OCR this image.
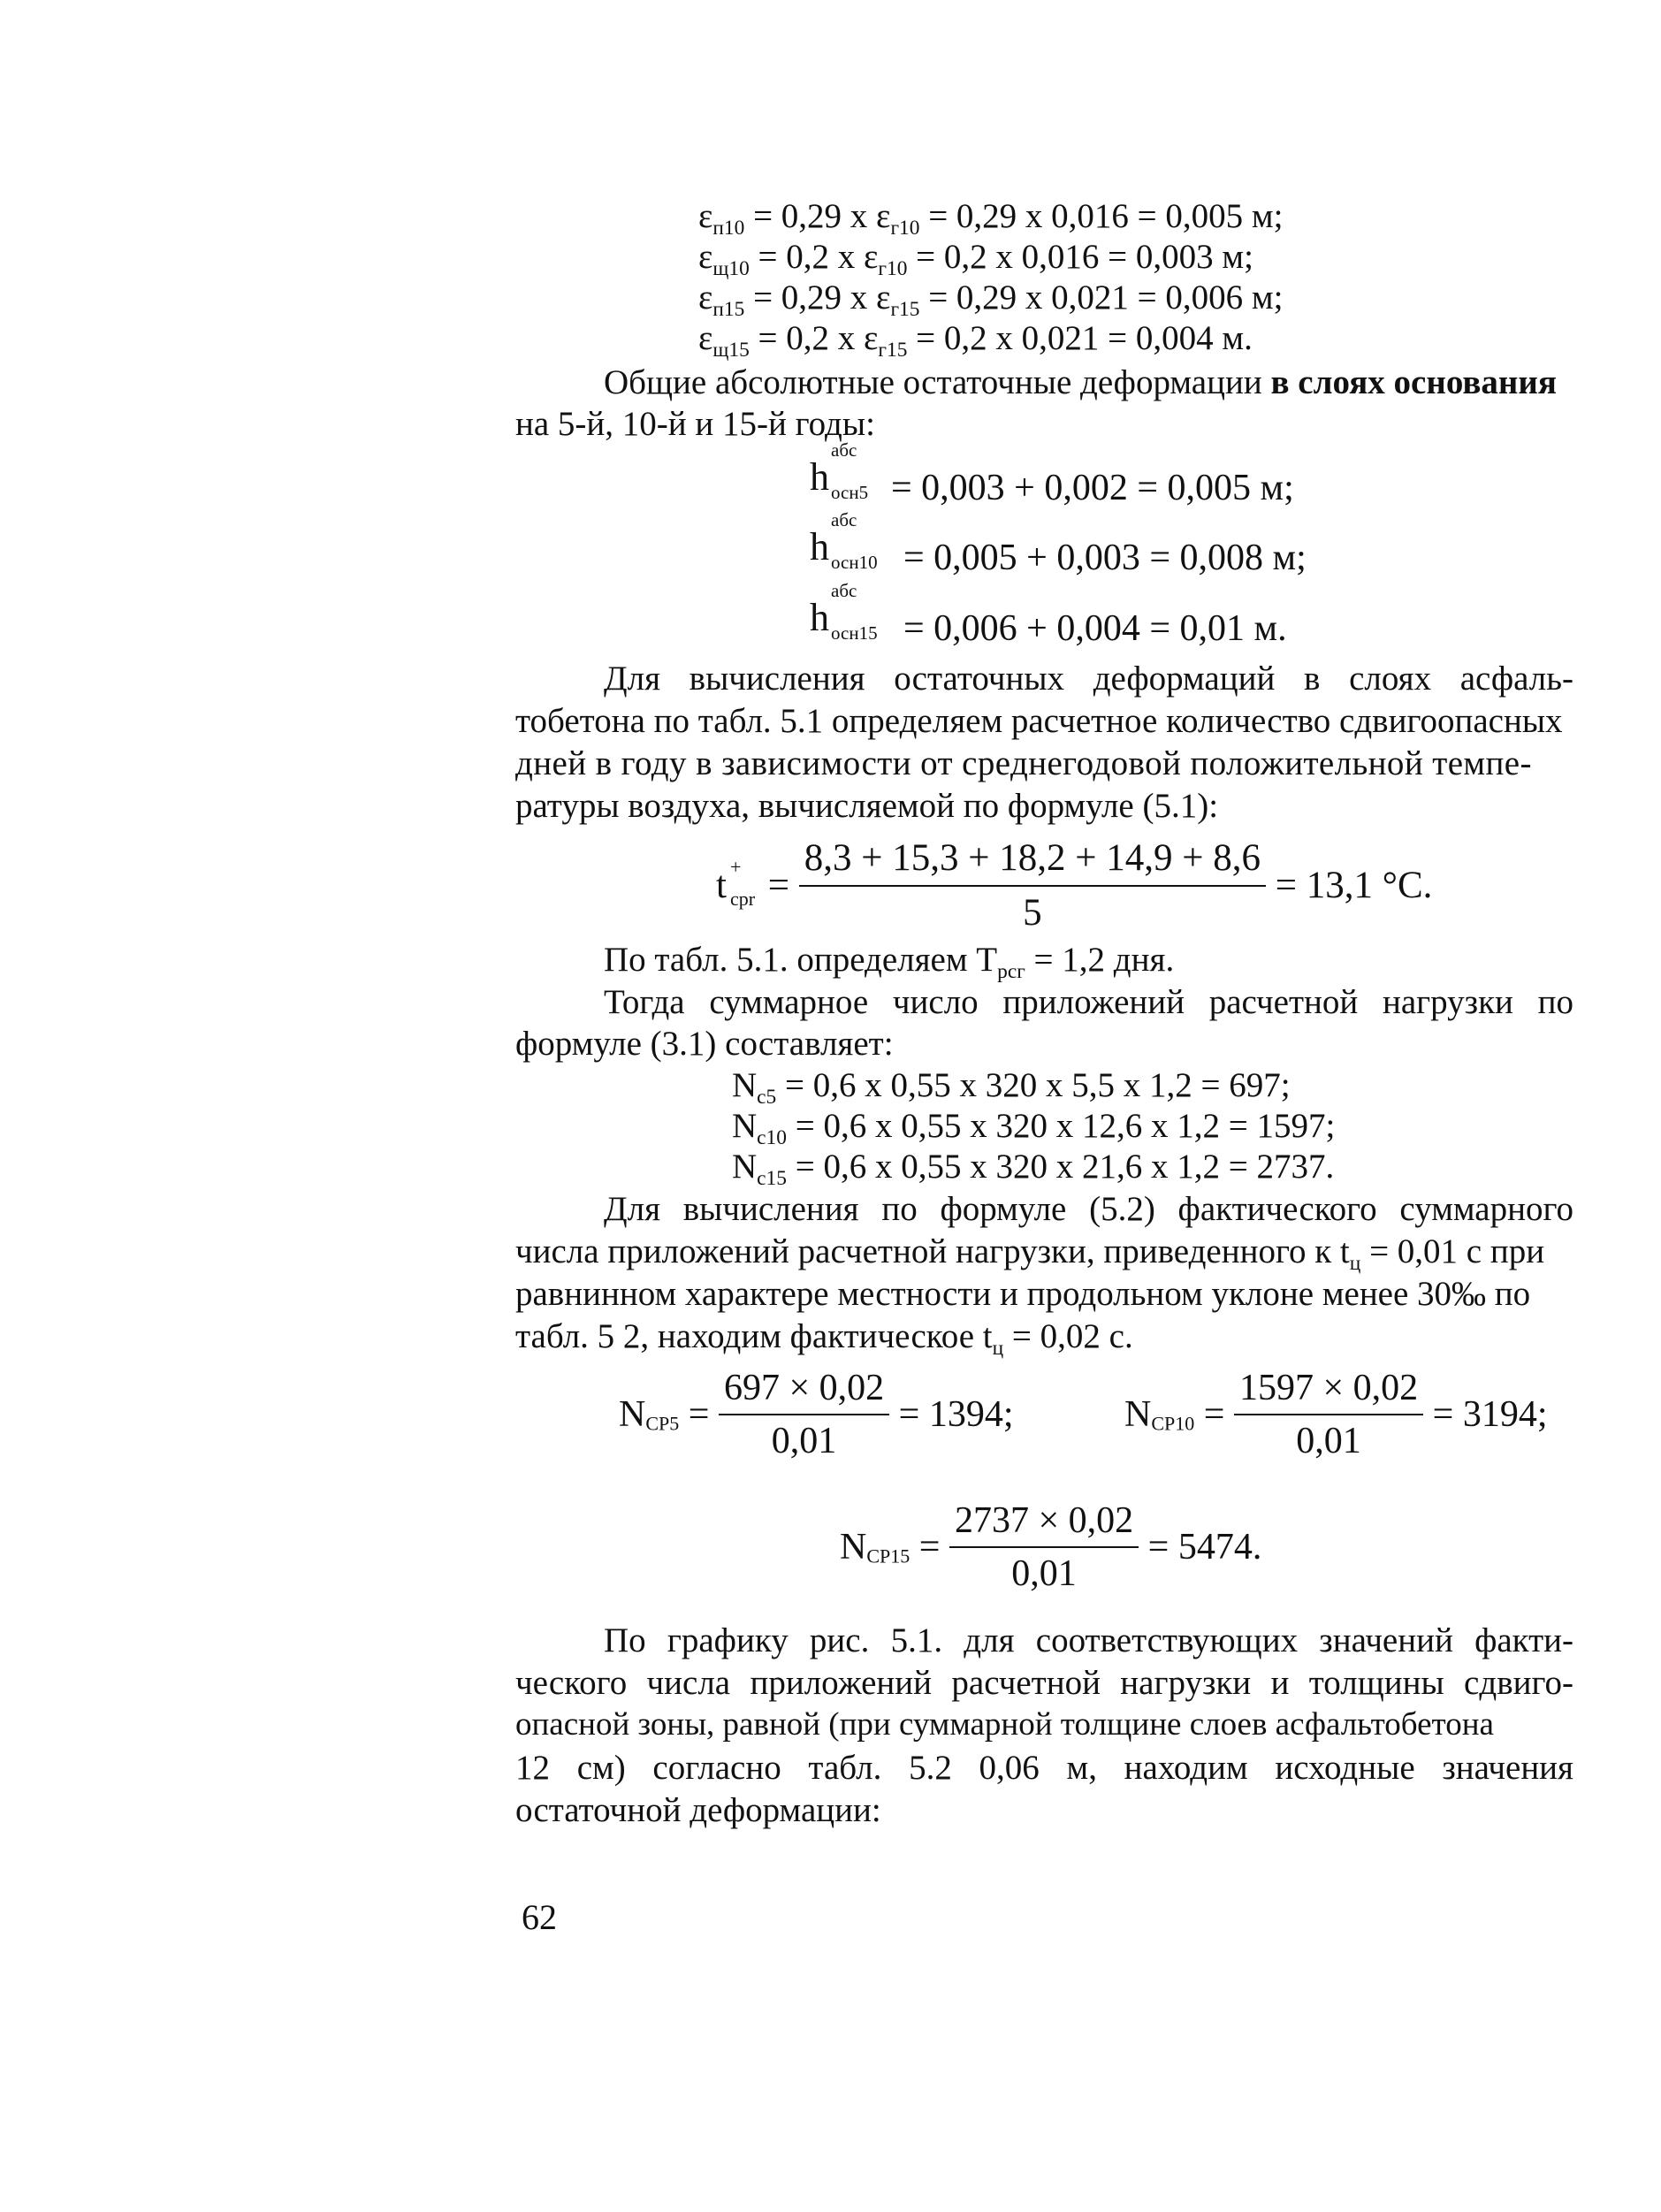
$\varepsilon_{п10} = 0,29$ х $\varepsilon_{г10} = 0,29$ х 0,016 = 0,005 м;
$\varepsilon_{щ10} = 0,2$ х $\varepsilon_{г10} = 0,2$ х 0,016 = 0,003 м;
$\varepsilon_{п15} = 0,29$ х $\varepsilon_{г15} = 0,29$ х 0,021 = 0,006 м;
$\varepsilon_{щ15} = 0,2$ х $\varepsilon_{г15} = 0,2$ х 0,021 = 0,004 м.
Общие абсолютные остаточные деформации в слоях основания
на 5-й, 10-й и 15-й годы:
h
абс
осн5 = 0,003 + 0,002 = 0,005 м;
h
абс
осн10 = 0,005 + 0,003 = 0,008 м;
h
абс
осн15 = 0,006 + 0,004 = 0,01 м.
Для вычисления остаточных деформаций в слоях асфаль-
тобетона по табл. 5.1 определяем расчетное количество сдвигоопасных
дней в году в зависимости от среднегодовой положительной темпе-
ратуры воздуха, вычисляемой по формуле (5.1):
t +
сpr = $\frac{8,3 + 15,3 + 18,2 + 14,9 + 8,6}{5} = 13,1$ °С.
По табл. 5.1. определяем $Т_{рсг} = 1,2$ дня.
Тогда суммарное число приложений расчетной нагрузки по
формуле (3.1) составляет:
$N_{c5} = 0,6$ х 0,55 х 320 х 5,5 х 1,2 = 697;
$N_{c10} = 0,6$ х 0,55 х 320 х 12,6 х 1,2 = 1597;
$N_{c15} = 0,6$ х 0,55 х 320 х 21,6 х 1,2 = 2737.
Для вычисления по формуле (5.2) фактического суммарного
числа приложений расчетной нагрузки, приведенного к $t_ц = 0,01$ с при
равнинном характере местности и продольном уклоне менее 30‰ по
табл. 5 2, находим фактическое $t_ц = 0,02$ с.
$N_{CP5} = \frac{697 \times 0,02}{0,01} = 1394$;	$N_{CP10} = \frac{1597 \times 0,02}{0,01} = 3194$;
$N_{CP15} = \frac{2737 \times 0,02}{0,01} = 5474$.
По графику рис. 5.1. для соответствующих значений факти-
ческого числа приложений расчетной нагрузки и толщины сдвиго-
опасной зоны, равной (при суммарной толщине слоев асфальтобетона
12 см) согласно табл. 5.2 0,06 м, находим исходные значения
остаточной деформации:
62
